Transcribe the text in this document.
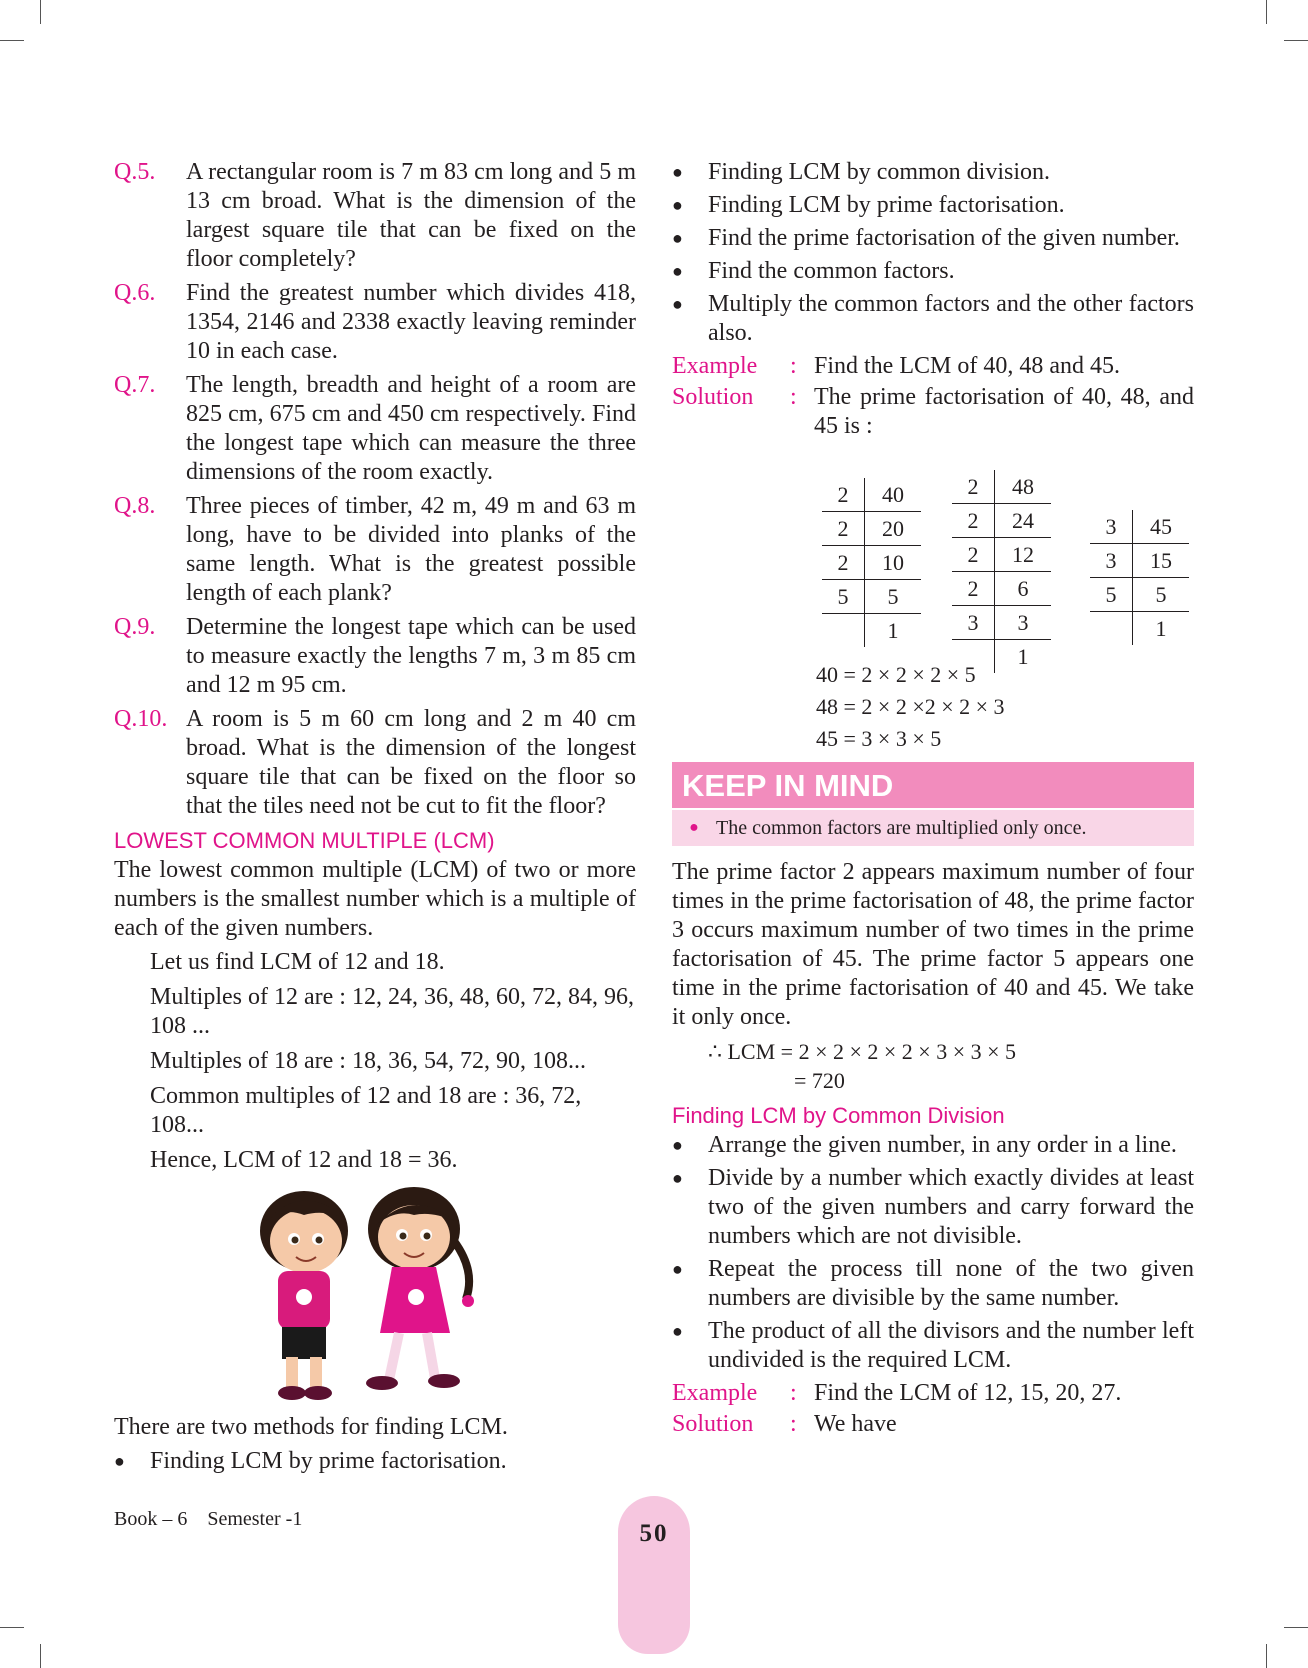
Q.5.	A rectangular room is 7 m 83 cm long and 5 m 13 cm broad. What is the dimension of the largest square tile that can be fixed on the floor completely?
Q.6.	Find the greatest number which divides 418, 1354, 2146 and 2338 exactly leaving reminder 10 in each case.
Q.7.	The length, breadth and height of a room are 825 cm, 675 cm and 450 cm respectively. Find the longest tape which can measure the three dimensions of the room exactly.
Q.8.	Three pieces of timber, 42 m, 49 m and 63 m long, have to be divided into planks of the same length. What is the greatest possible length of each plank?
Q.9.	Determine the longest tape which can be used to measure exactly the lengths 7 m, 3 m 85 cm and 12 m 95 cm.
Q.10. A room is 5 m 60 cm long and 2 m 40 cm broad. What is the dimension of the longest square tile that can be fixed on the floor so that the tiles need not be cut to fit the floor?
LOWEST COMMON MULTIPLE (LCM)
The lowest common multiple (LCM) of two or more numbers is the smallest number which is a multiple of each of the given numbers.
Let us find LCM of 12 and 18.
Multiples of 12 are : 12, 24, 36, 48, 60, 72, 84, 96, 108 ...
Multiples of 18 are : 18, 36, 54, 72, 90, 108...
Common multiples of 12 and 18 are : 36, 72, 108...
Hence, LCM of 12 and 18 = 36.
There are two methods for finding LCM.
●	Finding LCM by prime factorisation.
●	Finding LCM by common division.
●	Finding LCM by prime factorisation.
●	Find the prime factorisation of the given number.
●	Find the common factors.
●	Multiply the common factors and the other factors also.
Example	: Find the LCM of 40, 48 and 45.
Solution	: The prime factorisation of 40, 48, and 45 is :
2	40
2	20
2	10
5	5
	1
2	48
2	24
2	12
2	6
3	3
	1
3	45
3	15
5	5
	1
40 = 2 × 2 × 2 × 5
48 = 2 × 2 ×2 × 2 × 3
45 = 3 × 3 × 5
KEEP IN MIND
● The common factors are multiplied only once.
The prime factor 2 appears maximum number of four times in the prime factorisation of 48, the prime factor 3 occurs maximum number of two times in the prime factorisation of 45. The prime factor 5 appears one time in the prime factorisation of 40 and 45. We take it only once.
∴ LCM = 2 × 2 × 2 × 2 × 3 × 3 × 5
= 720
Finding LCM by Common Division
●	Arrange the given number, in any order in a line.
●	Divide by a number which exactly divides at least two of the given numbers and carry forward the numbers which are not divisible.
●	Repeat the process till none of the two given numbers are divisible by the same number.
●	The product of all the divisors and the number left undivided is the required LCM.
Example	: Find the LCM of 12, 15, 20, 27.
Solution	: We have
Book – 6 Semester -1
50
